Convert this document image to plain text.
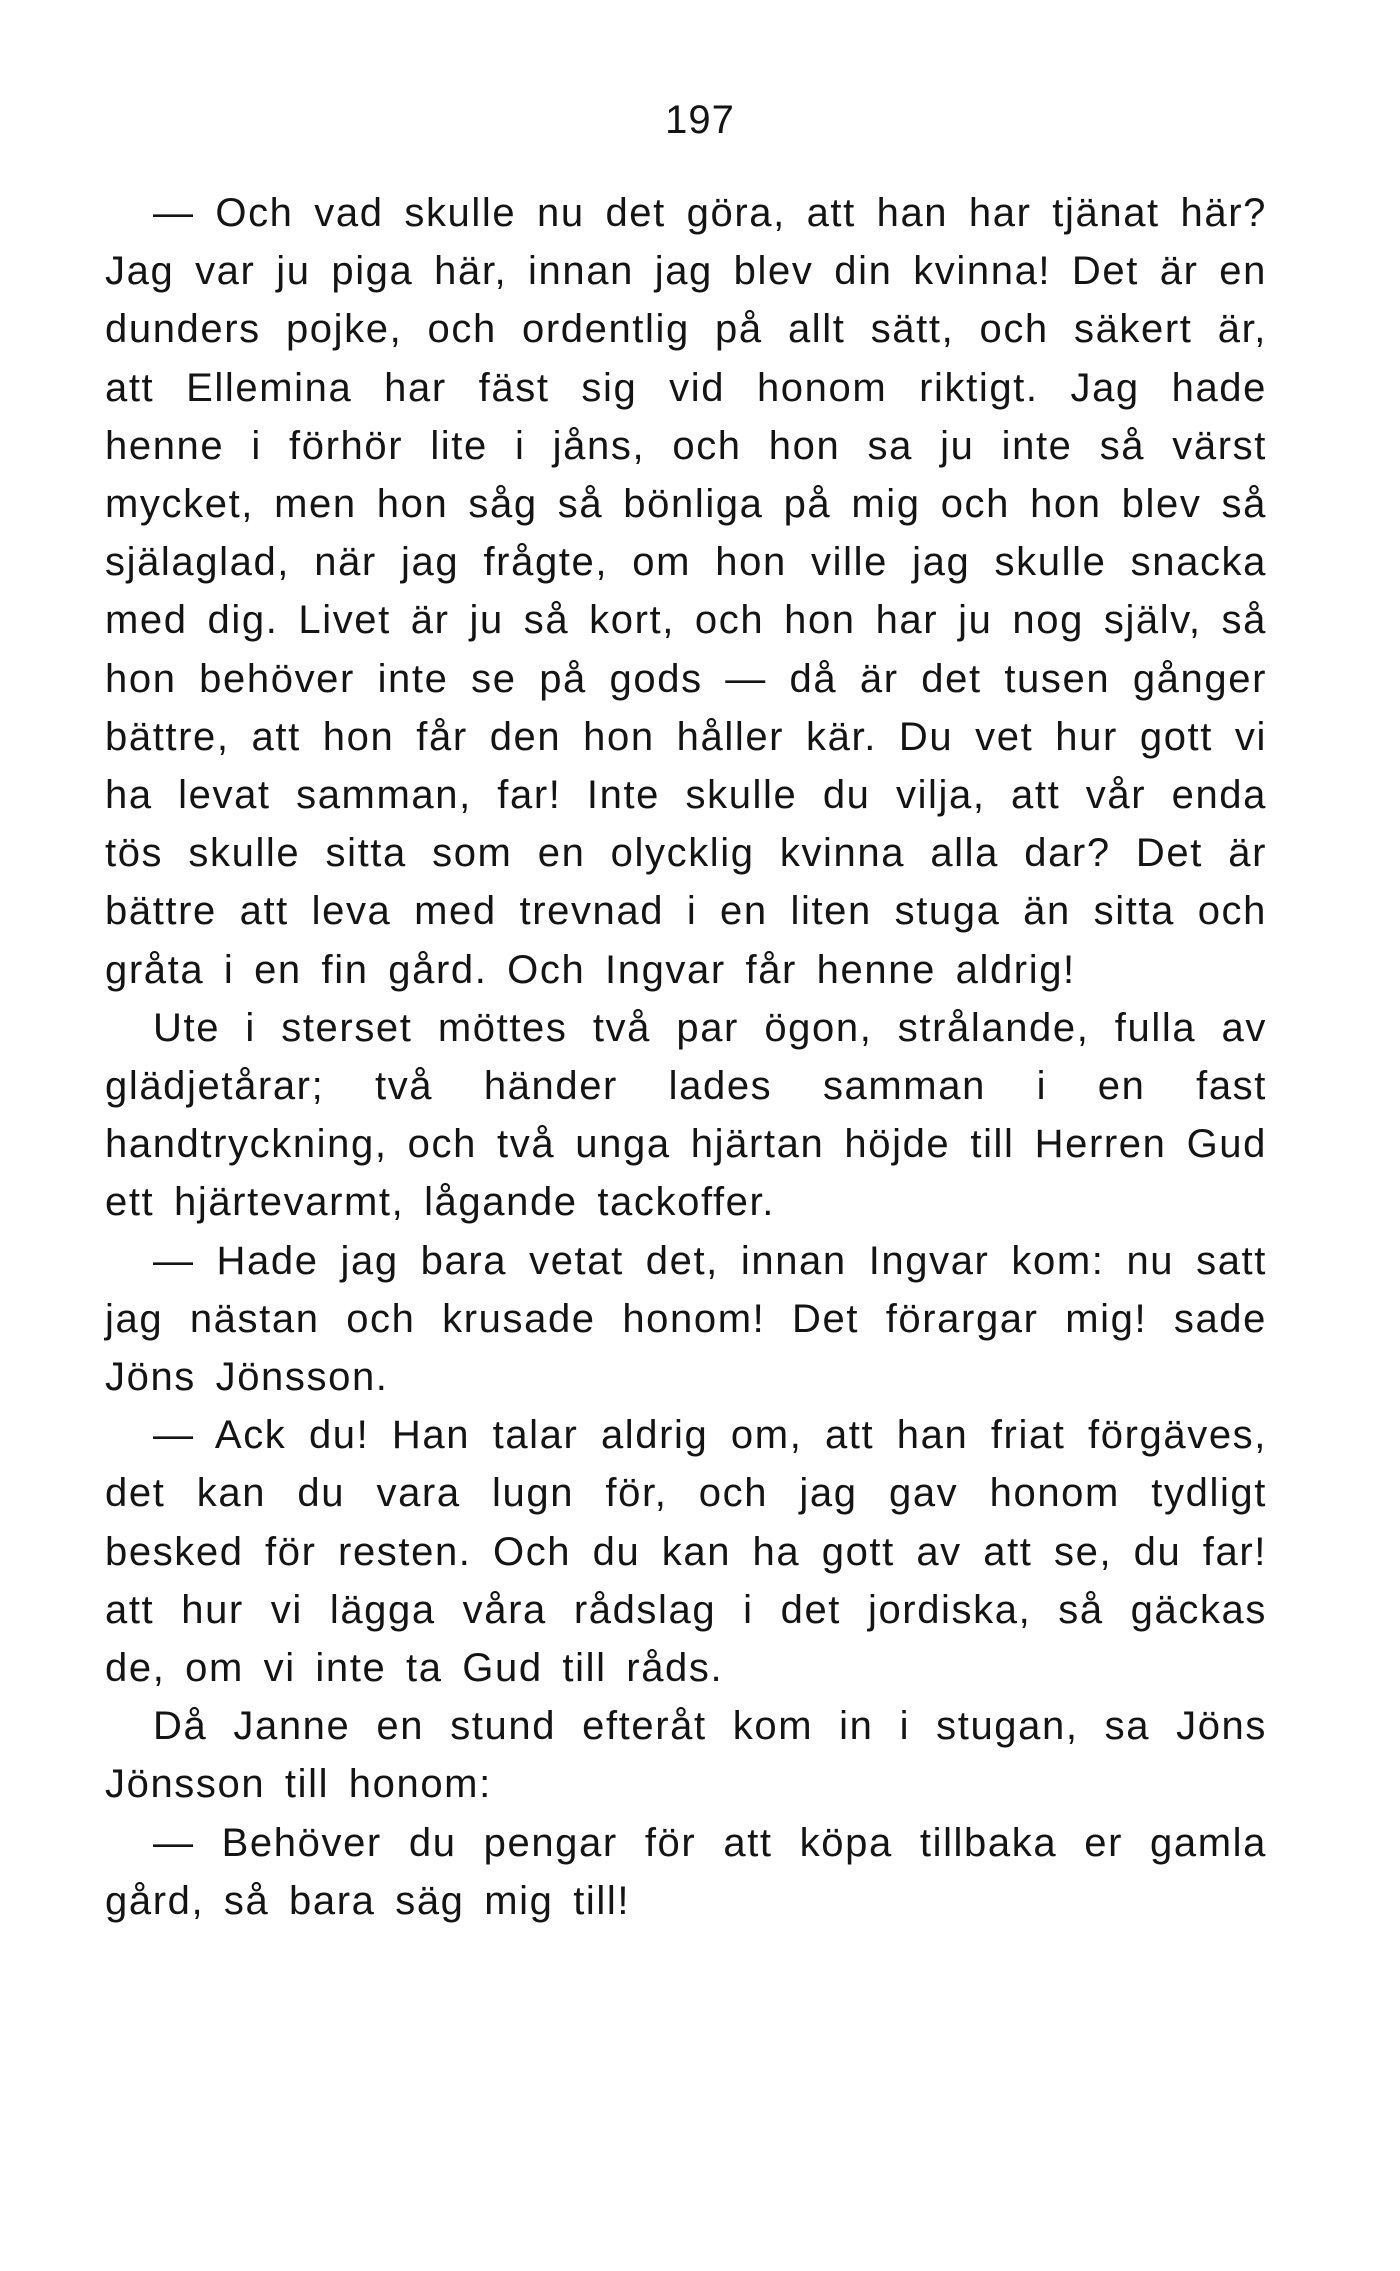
197

— Och vad skulle nu det göra, att han har tjänat här? Jag var ju piga här, innan jag blev din kvinna! Det är en dunders pojke, och ordentlig på allt sätt, och säkert är, att Ellemina har fäst sig vid honom riktigt. Jag hade henne i förhör lite i jåns, och hon sa ju inte så värst mycket, men hon såg så bönliga på mig och hon blev så själaglad, när jag frågte, om hon ville jag skulle snacka med dig. Livet är ju så kort, och hon har ju nog själv, så hon behöver inte se på gods — då är det tusen gånger bättre, att hon får den hon håller kär. Du vet hur gott vi ha levat samman, far! Inte skulle du vilja, att vår enda tös skulle sitta som en olycklig kvinna alla dar? Det är bättre att leva med trevnad i en liten stuga än sitta och gråta i en fin gård. Och Ingvar får henne aldrig!

Ute i sterset möttes två par ögon, strålande, fulla av glädjetårar; två händer lades samman i en fast handtryckning, och två unga hjärtan höjde till Herren Gud ett hjärtevarmt, lågande tackoffer.

— Hade jag bara vetat det, innan Ingvar kom: nu satt jag nästan och krusade honom! Det förargar mig! sade Jöns Jönsson.

— Ack du! Han talar aldrig om, att han friat förgäves, det kan du vara lugn för, och jag gav honom tydligt besked för resten. Och du kan ha gott av att se, du far! att hur vi lägga våra rådslag i det jordiska, så gäckas de, om vi inte ta Gud till råds.

Då Janne en stund efteråt kom in i stugan, sa Jöns Jönsson till honom:

— Behöver du pengar för att köpa tillbaka er gamla gård, så bara säg mig till!
